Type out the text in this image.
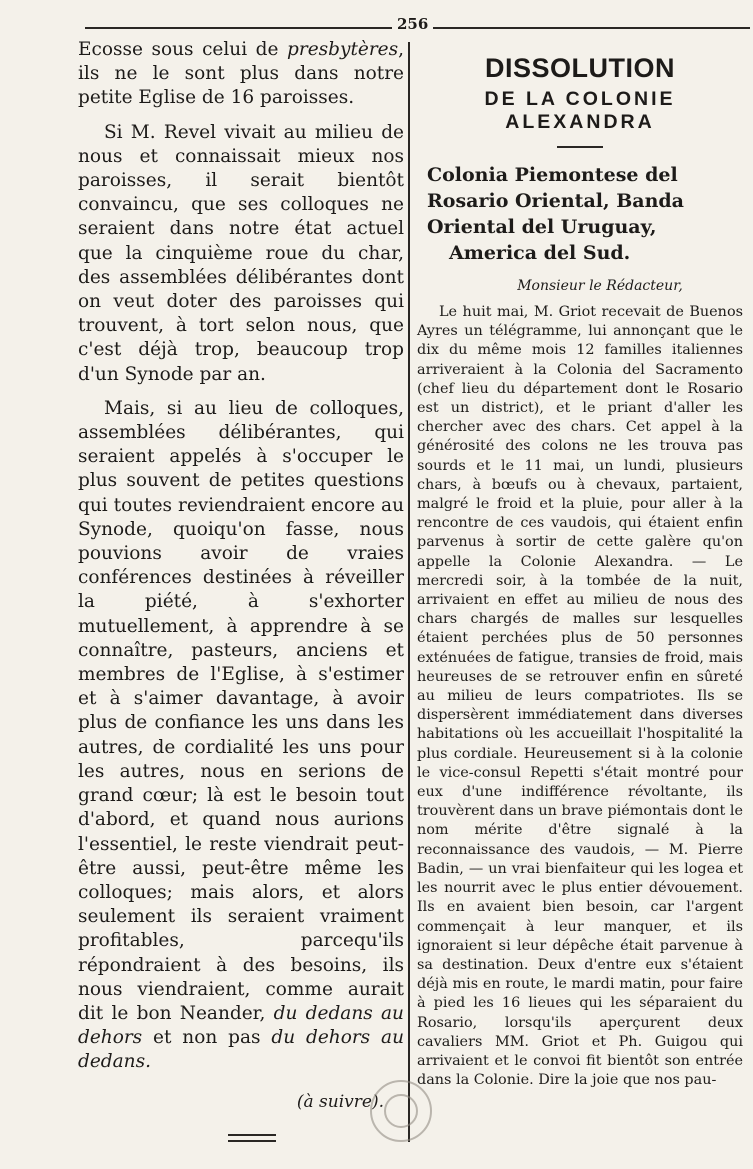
256

Ecosse sous celui de presbytères, ils ne le sont plus dans notre petite Eglise de 16 paroisses.

Si M. Revel vivait au milieu de nous et connaissait mieux nos paroisses, il serait bientôt convaincu, que ses colloques ne seraient dans notre état actuel que la cinquième roue du char, des assemblées délibérantes dont on veut doter des paroisses qui trouvent, à tort selon nous, que c'est déjà trop, beaucoup trop d'un Synode par an.

Mais, si au lieu de colloques, assemblées délibérantes, qui seraient appelés à s'occuper le plus souvent de petites questions qui toutes reviendraient encore au Synode, quoiqu'on fasse, nous pouvions avoir de vraies conférences destinées à réveiller la piété, à s'exhorter mutuellement, à apprendre à se connaître, pasteurs, anciens et membres de l'Eglise, à s'estimer et à s'aimer davantage, à avoir plus de confiance les uns dans les autres, de cordialité les uns pour les autres, nous en serions de grand cœur; là est le besoin tout d'abord, et quand nous aurions l'essentiel, le reste viendrait peut-être aussi, peut-être même les colloques; mais alors, et alors seulement ils seraient vraiment profitables, parcequ'ils répondraient à des besoins, ils nous viendraient, comme aurait dit le bon Neander, du dedans au dehors et non pas du dehors au dedans.

(à suivre).
DISSOLUTION
DE LA COLONIE ALEXANDRA
Colonia Piemontese del Rosario Oriental, Banda Oriental del Uruguay,
America del Sud.
Monsieur le Rédacteur,

Le huit mai, M. Griot recevait de Buenos Ayres un télégramme, lui annonçant que le dix du même mois 12 familles italiennes arriveraient à la Colonia del Sacramento (chef lieu du département dont le Rosario est un district), et le priant d'aller les chercher avec des chars. Cet appel à la générosité des colons ne les trouva pas sourds et le 11 mai, un lundi, plusieurs chars, à bœufs ou à chevaux, partaient, malgré le froid et la pluie, pour aller à la rencontre de ces vaudois, qui étaient enfin parvenus à sortir de cette galère qu'on appelle la Colonie Alexandra. — Le mercredi soir, à la tombée de la nuit, arrivaient en effet au milieu de nous des chars chargés de malles sur lesquelles étaient perchées plus de 50 personnes exténuées de fatigue, transies de froid, mais heureuses de se retrouver enfin en sûreté au milieu de leurs compatriotes. Ils se dispersèrent immédiatement dans diverses habitations où les accueillait l'hospitalité la plus cordiale. Heureusement si à la colonie le vice-consul Repetti s'était montré pour eux d'une indifférence révoltante, ils trouvèrent dans un brave piémontais dont le nom mérite d'être signalé à la reconnaissance des vaudois, — M. Pierre Badin, — un vrai bienfaiteur qui les logea et les nourrit avec le plus entier dévouement. Ils en avaient bien besoin, car l'argent commençait à leur manquer, et ils ignoraient si leur dépêche était parvenue à sa destination. Deux d'entre eux s'étaient déjà mis en route, le mardi matin, pour faire à pied les 16 lieues qui les séparaient du Rosario, lorsqu'ils aperçurent deux cavaliers MM. Griot et Ph. Guigou qui arrivaient et le convoi fit bientôt son entrée dans la Colonie. Dire la joie que nos pau-
